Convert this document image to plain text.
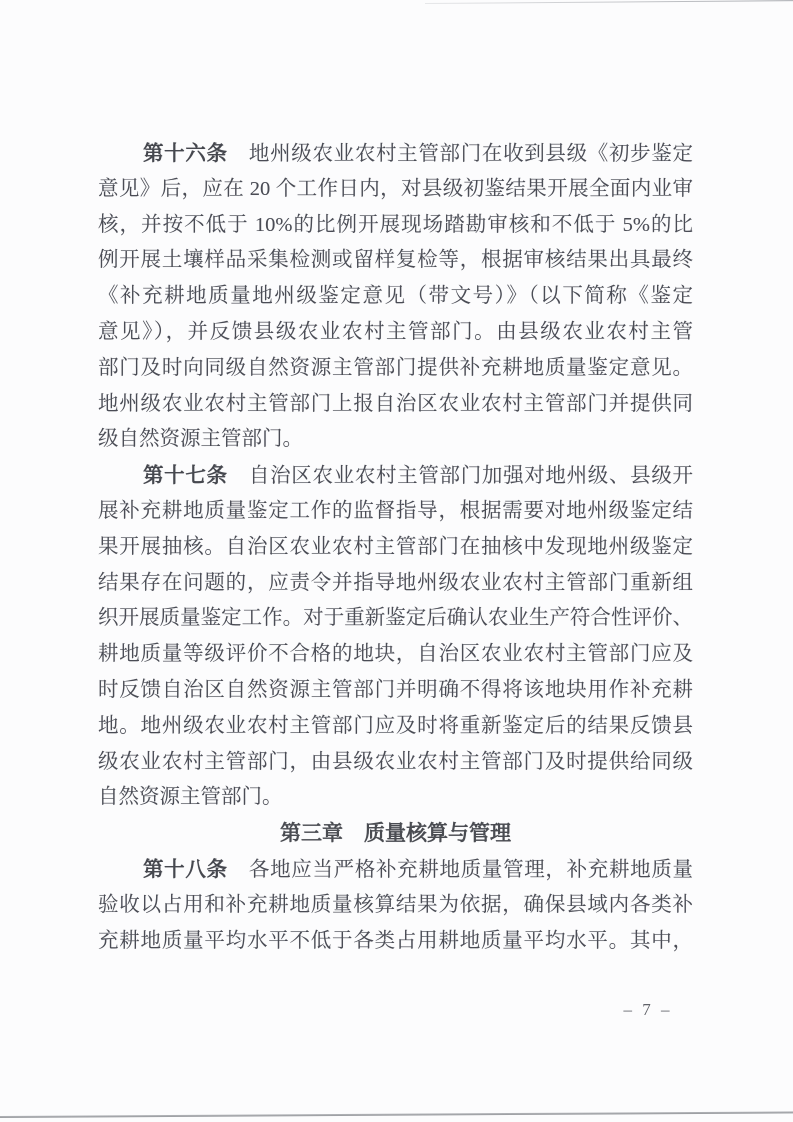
第十六条　地州级农业农村主管部门在收到县级《初步鉴定
意见》后，应在 20 个工作日内，对县级初鉴结果开展全面内业审
核，并按不低于 10%的比例开展现场踏勘审核和不低于 5%的比
例开展土壤样品采集检测或留样复检等，根据审核结果出具最终
《补充耕地质量地州级鉴定意见（带文号）》（以下简称《鉴定
意见》），并反馈县级农业农村主管部门。由县级农业农村主管
部门及时向同级自然资源主管部门提供补充耕地质量鉴定意见。
地州级农业农村主管部门上报自治区农业农村主管部门并提供同
级自然资源主管部门。
第十七条　自治区农业农村主管部门加强对地州级、县级开
展补充耕地质量鉴定工作的监督指导，根据需要对地州级鉴定结
果开展抽核。自治区农业农村主管部门在抽核中发现地州级鉴定
结果存在问题的，应责令并指导地州级农业农村主管部门重新组
织开展质量鉴定工作。对于重新鉴定后确认农业生产符合性评价、
耕地质量等级评价不合格的地块，自治区农业农村主管部门应及
时反馈自治区自然资源主管部门并明确不得将该地块用作补充耕
地。地州级农业农村主管部门应及时将重新鉴定后的结果反馈县
级农业农村主管部门，由县级农业农村主管部门及时提供给同级
自然资源主管部门。
第三章　质量核算与管理
第十八条　各地应当严格补充耕地质量管理，补充耕地质量
验收以占用和补充耕地质量核算结果为依据，确保县域内各类补
充耕地质量平均水平不低于各类占用耕地质量平均水平。其中，
– 7 –
